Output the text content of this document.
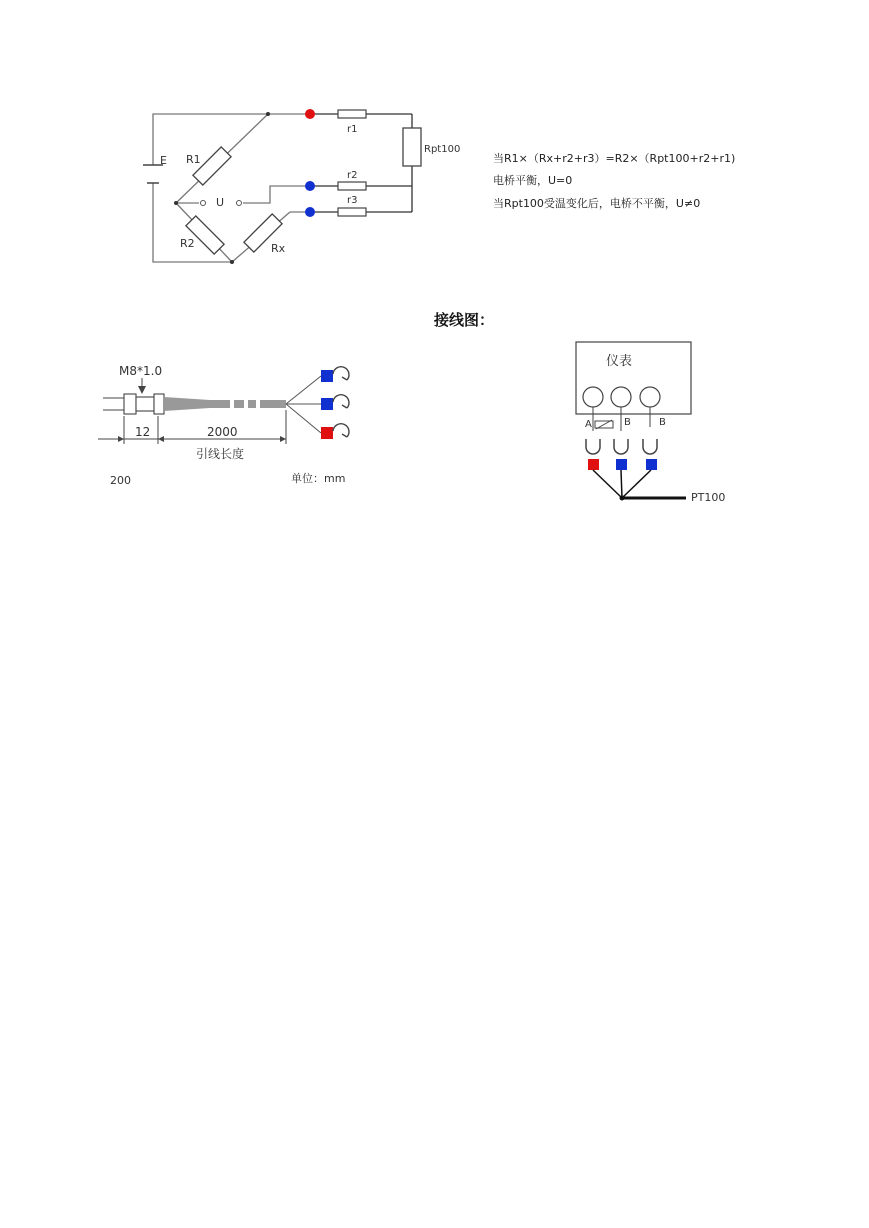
E R1
R2	Rx
U
r1
r2
r3
Rpt100
当R1×（Rx+r2+r3）=R2×（Rpt100+r2+r1)
电桥平衡，U=0
当Rpt100受温变化后，电桥不平衡，U≠0
接线图：
M8*1.0
12	2000
引线长度
200	单位：mm
仪表
A	B	B
PT100
